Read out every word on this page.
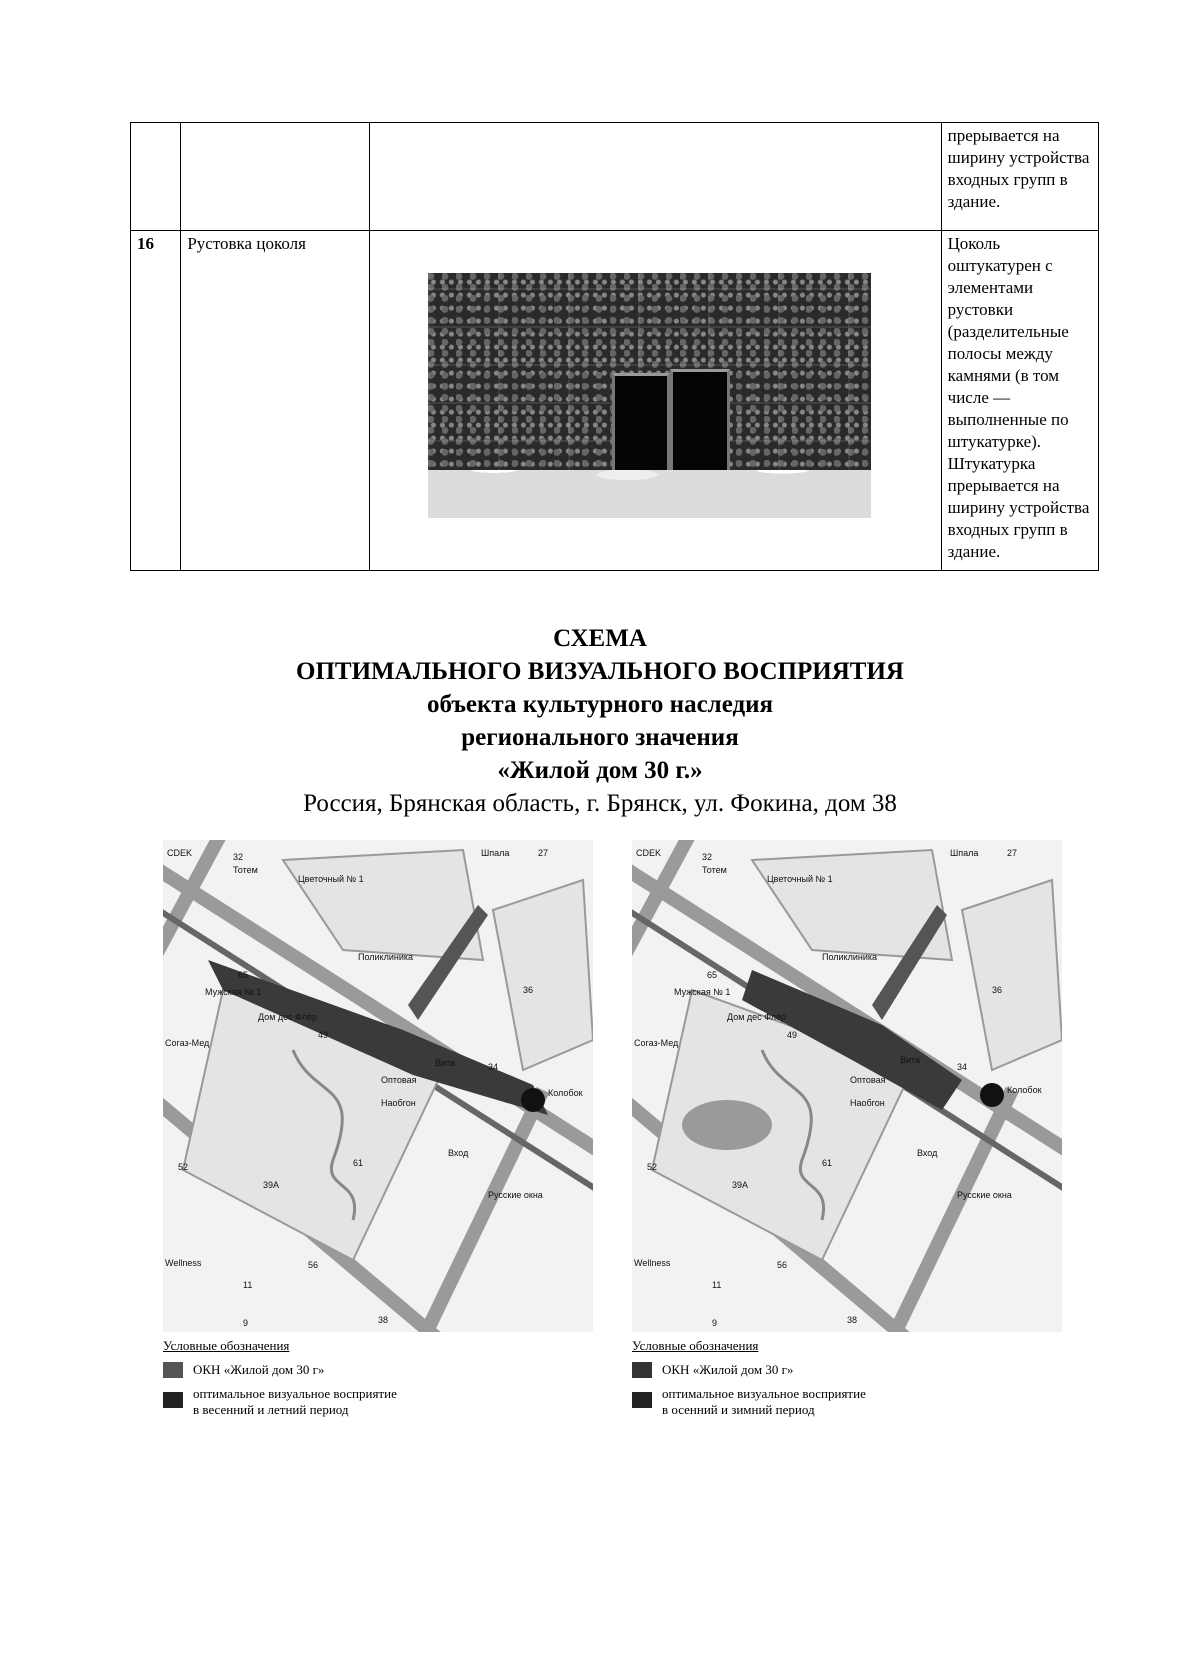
			прерывается на ширину устройства входных групп в здание.
16	Рустовка цоколя		Цоколь оштукатурен с элементами рустовки (разделительные полосы между камнями (в том числе — выполненные по штукатурке). Штукатурка прерывается на ширину устройства входных групп в здание.
СХЕМА
ОПТИМАЛЬНОГО ВИЗУАЛЬНОГО ВОСПРИЯТИЯ
объекта культурного наследия
регионального значения
«Жилой дом 30 г.»
Россия, Брянская область, г. Брянск, ул. Фокина, дом 38
CDEK
Тотем
Шпала
Цветочный № 1
Поликлиника
Мужская № 1
Дом дес Флёр
Согаз-Мед
Вита
Оптовая
Наобгон
Колобок
Вход
Русские окна
Wellness
65
49
36
34
52	61
56
11
38
9
32	27
39А
CDEK
Тотем
Шпала
Цветочный № 1
Поликлиника
Мужская № 1
Дом дес Флёр
Согаз-Мед
Вита
Оптовая
Наобгон
Колобок
Вход
Русские окна
Wellness
65
49
36
34
52	61
56
11
38
9
32	27
39А
Условные обозначения
ОКН «Жилой дом 30 г»
оптимальное визуальное восприятие
в весенний и летний период
Условные обозначения
ОКН «Жилой дом 30 г»
оптимальное визуальное восприятие
в осенний и зимний период
